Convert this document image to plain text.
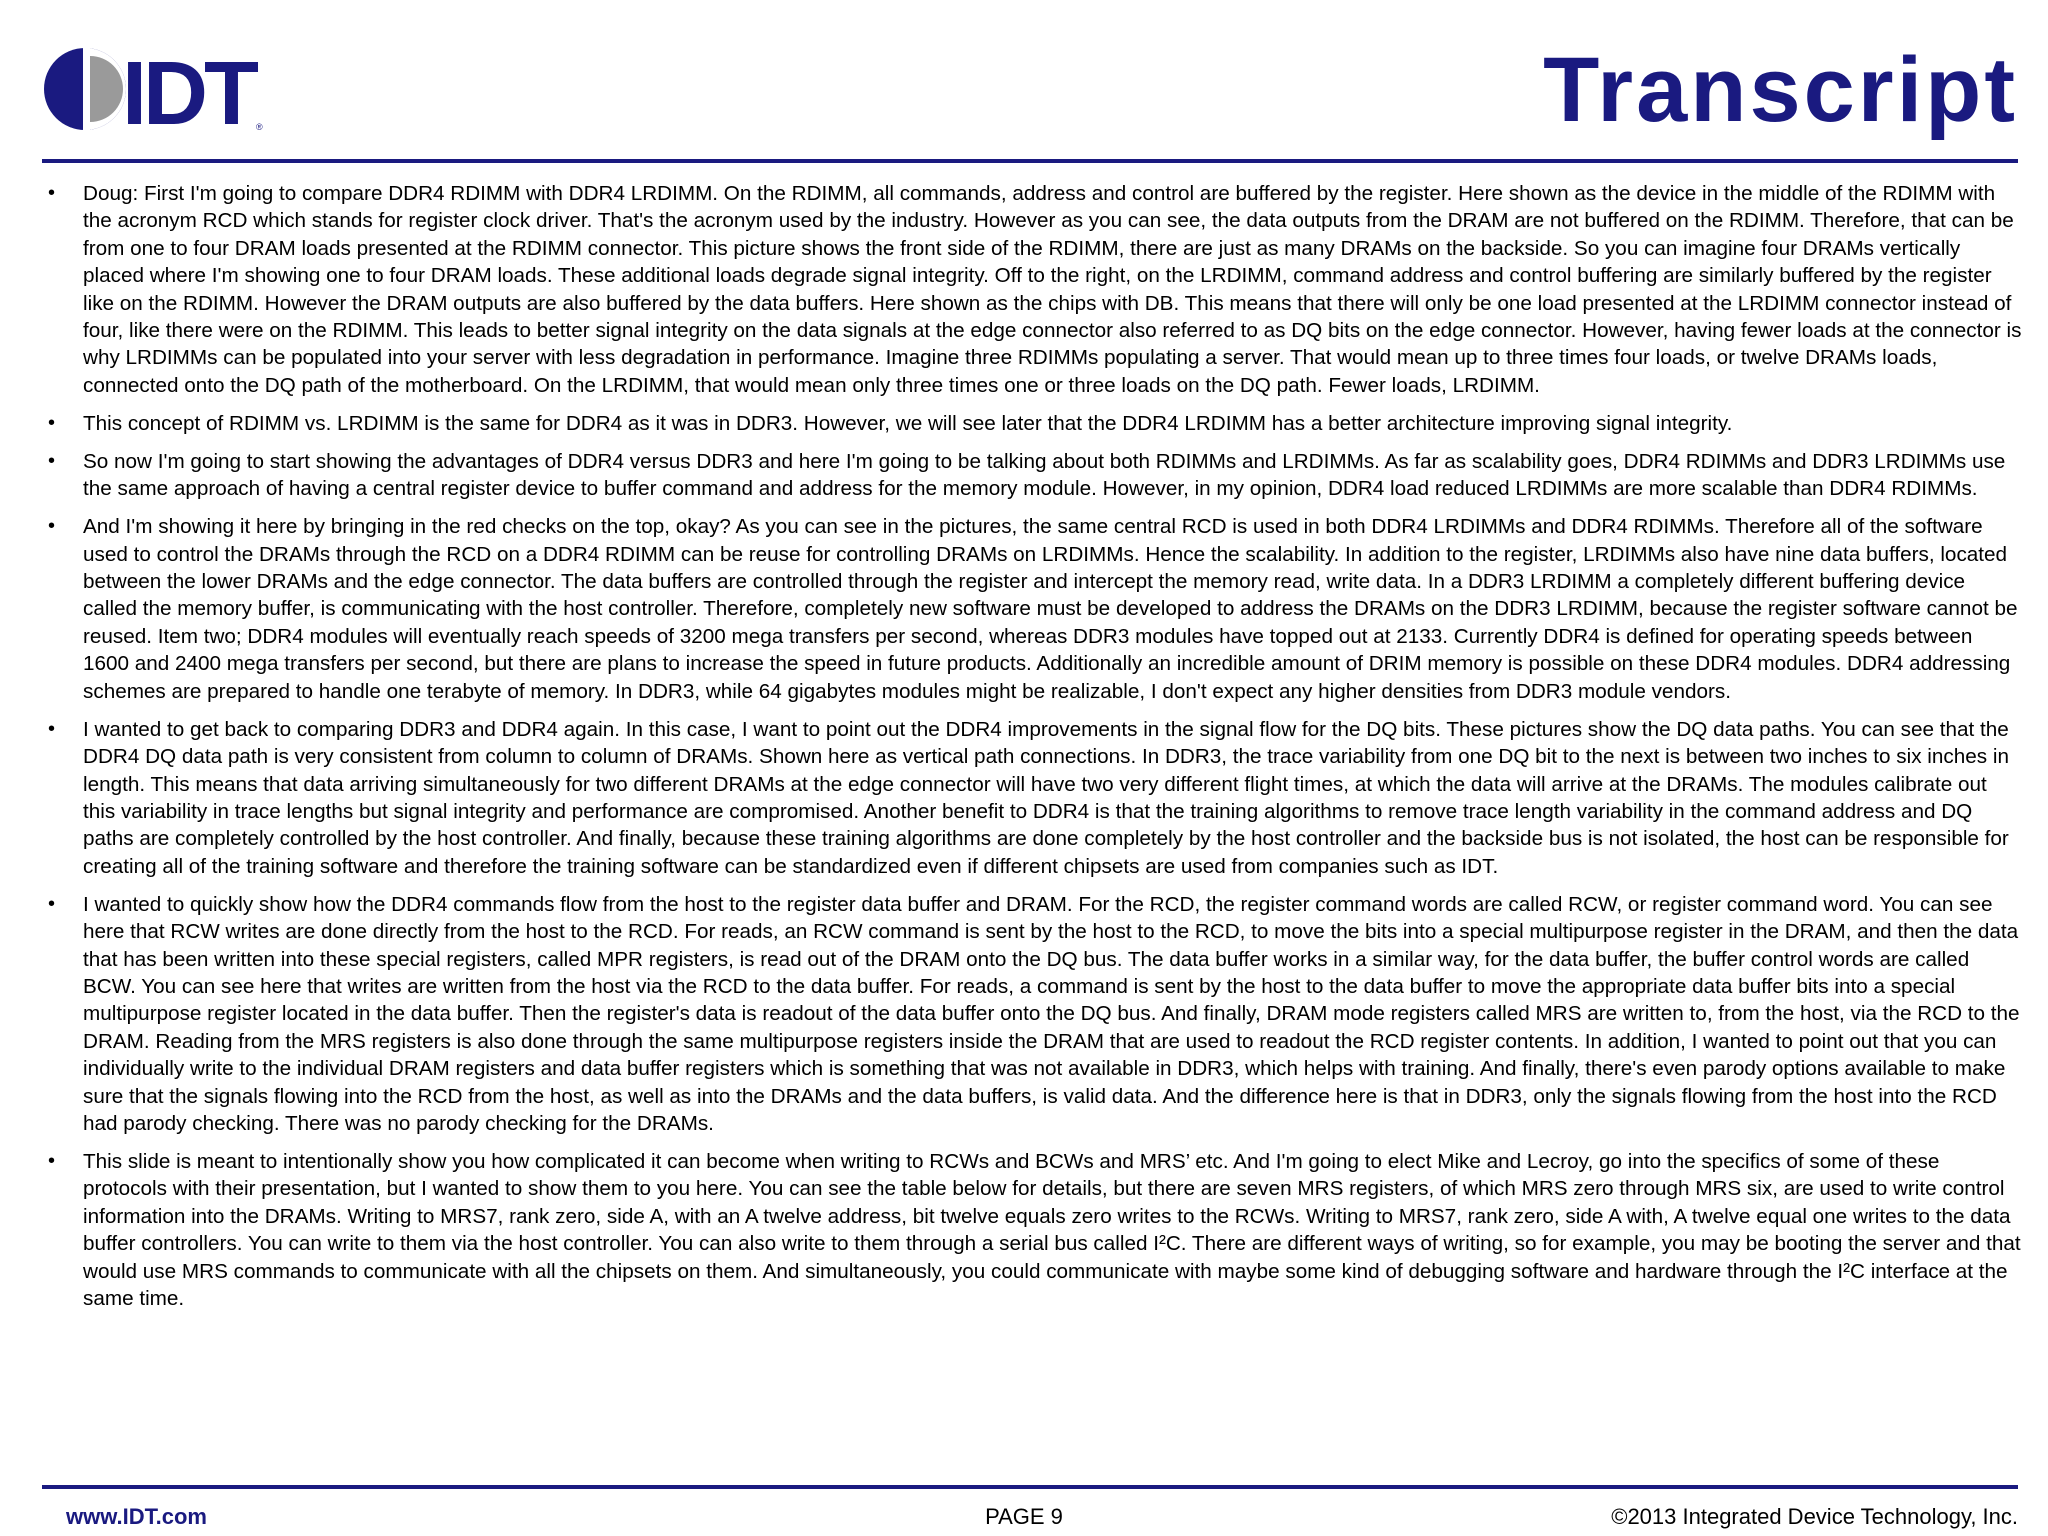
IDT ®	Transcript
• Doug: First I'm going to compare DDR4 RDIMM with DDR4 LRDIMM. On the RDIMM, all commands, address and control are buffered by the register. Here shown as the device in the middle of the RDIMM with the acronym RCD which stands for register clock driver. That's the acronym used by the industry. However as you can see, the data outputs from the DRAM are not buffered on the RDIMM. Therefore, that can be from one to four DRAM loads presented at the RDIMM connector. This picture shows the front side of the RDIMM, there are just as many DRAMs on the backside. So you can imagine four DRAMs vertically placed where I'm showing one to four DRAM loads. These additional loads degrade signal integrity. Off to the right, on the LRDIMM, command address and control buffering are similarly buffered by the register like on the RDIMM. However the DRAM outputs are also buffered by the data buffers. Here shown as the chips with DB. This means that there will only be one load presented at the LRDIMM connector instead of four, like there were on the RDIMM. This leads to better signal integrity on the data signals at the edge connector also referred to as DQ bits on the edge connector. However, having fewer loads at the connector is why LRDIMMs can be populated into your server with less degradation in performance. Imagine three RDIMMs populating a server. That would mean up to three times four loads, or twelve DRAMs loads, connected onto the DQ path of the motherboard. On the LRDIMM, that would mean only three times one or three loads on the DQ path. Fewer loads, LRDIMM.
• This concept of RDIMM vs. LRDIMM is the same for DDR4 as it was in DDR3. However, we will see later that the DDR4 LRDIMM has a better architecture improving signal integrity.
• So now I'm going to start showing the advantages of DDR4 versus DDR3 and here I'm going to be talking about both RDIMMs and LRDIMMs. As far as scalability goes, DDR4 RDIMMs and DDR3 LRDIMMs use the same approach of having a central register device to buffer command and address for the memory module. However, in my opinion, DDR4 load reduced LRDIMMs are more scalable than DDR4 RDIMMs.
• And I'm showing it here by bringing in the red checks on the top, okay? As you can see in the pictures, the same central RCD is used in both DDR4 LRDIMMs and DDR4 RDIMMs. Therefore all of the software used to control the DRAMs through the RCD on a DDR4 RDIMM can be reuse for controlling DRAMs on LRDIMMs. Hence the scalability. In addition to the register, LRDIMMs also have nine data buffers, located between the lower DRAMs and the edge connector. The data buffers are controlled through the register and intercept the memory read, write data. In a DDR3 LRDIMM a completely different buffering device called the memory buffer, is communicating with the host controller. Therefore, completely new software must be developed to address the DRAMs on the DDR3 LRDIMM, because the register software cannot be reused. Item two; DDR4 modules will eventually reach speeds of 3200 mega transfers per second, whereas DDR3 modules have topped out at 2133. Currently DDR4 is defined for operating speeds between 1600 and 2400 mega transfers per second, but there are plans to increase the speed in future products. Additionally an incredible amount of DRIM memory is possible on these DDR4 modules. DDR4 addressing schemes are prepared to handle one terabyte of memory. In DDR3, while 64 gigabytes modules might be realizable, I don't expect any higher densities from DDR3 module vendors.
• I wanted to get back to comparing DDR3 and DDR4 again. In this case, I want to point out the DDR4 improvements in the signal flow for the DQ bits. These pictures show the DQ data paths. You can see that the DDR4 DQ data path is very consistent from column to column of DRAMs. Shown here as vertical path connections. In DDR3, the trace variability from one DQ bit to the next is between two inches to six inches in length. This means that data arriving simultaneously for two different DRAMs at the edge connector will have two very different flight times, at which the data will arrive at the DRAMs. The modules calibrate out this variability in trace lengths but signal integrity and performance are compromised. Another benefit to DDR4 is that the training algorithms to remove trace length variability in the command address and DQ paths are completely controlled by the host controller. And finally, because these training algorithms are done completely by the host controller and the backside bus is not isolated, the host can be responsible for creating all of the training software and therefore the training software can be standardized even if different chipsets are used from companies such as IDT.
• I wanted to quickly show how the DDR4 commands flow from the host to the register data buffer and DRAM. For the RCD, the register command words are called RCW, or register command word. You can see here that RCW writes are done directly from the host to the RCD. For reads, an RCW command is sent by the host to the RCD, to move the bits into a special multipurpose register in the DRAM, and then the data that has been written into these special registers, called MPR registers, is read out of the DRAM onto the DQ bus. The data buffer works in a similar way, for the data buffer, the buffer control words are called BCW. You can see here that writes are written from the host via the RCD to the data buffer. For reads, a command is sent by the host to the data buffer to move the appropriate data buffer bits into a special multipurpose register located in the data buffer. Then the register's data is readout of the data buffer onto the DQ bus. And finally, DRAM mode registers called MRS are written to, from the host, via the RCD to the DRAM. Reading from the MRS registers is also done through the same multipurpose registers inside the DRAM that are used to readout the RCD register contents. In addition, I wanted to point out that you can individually write to the individual DRAM registers and data buffer registers which is something that was not available in DDR3, which helps with training. And finally, there's even parody options available to make sure that the signals flowing into the RCD from the host, as well as into the DRAMs and the data buffers, is valid data. And the difference here is that in DDR3, only the signals flowing from the host into the RCD had parody checking. There was no parody checking for the DRAMs.
• This slide is meant to intentionally show you how complicated it can become when writing to RCWs and BCWs and MRS’ etc. And I'm going to elect Mike and Lecroy, go into the specifics of some of these protocols with their presentation, but I wanted to show them to you here. You can see the table below for details, but there are seven MRS registers, of which MRS zero through MRS six, are used to write control information into the DRAMs. Writing to MRS7, rank zero, side A, with an A twelve address, bit twelve equals zero writes to the RCWs. Writing to MRS7, rank zero, side A with, A twelve equal one writes to the data buffer controllers. You can write to them via the host controller. You can also write to them through a serial bus called I²C. There are different ways of writing, so for example, you may be booting the server and that would use MRS commands to communicate with all the chipsets on them. And simultaneously, you could communicate with maybe some kind of debugging software and hardware through the I²C interface at the same time.
PAGE 9
www.IDT.com	©2013 Integrated Device Technology, Inc.
